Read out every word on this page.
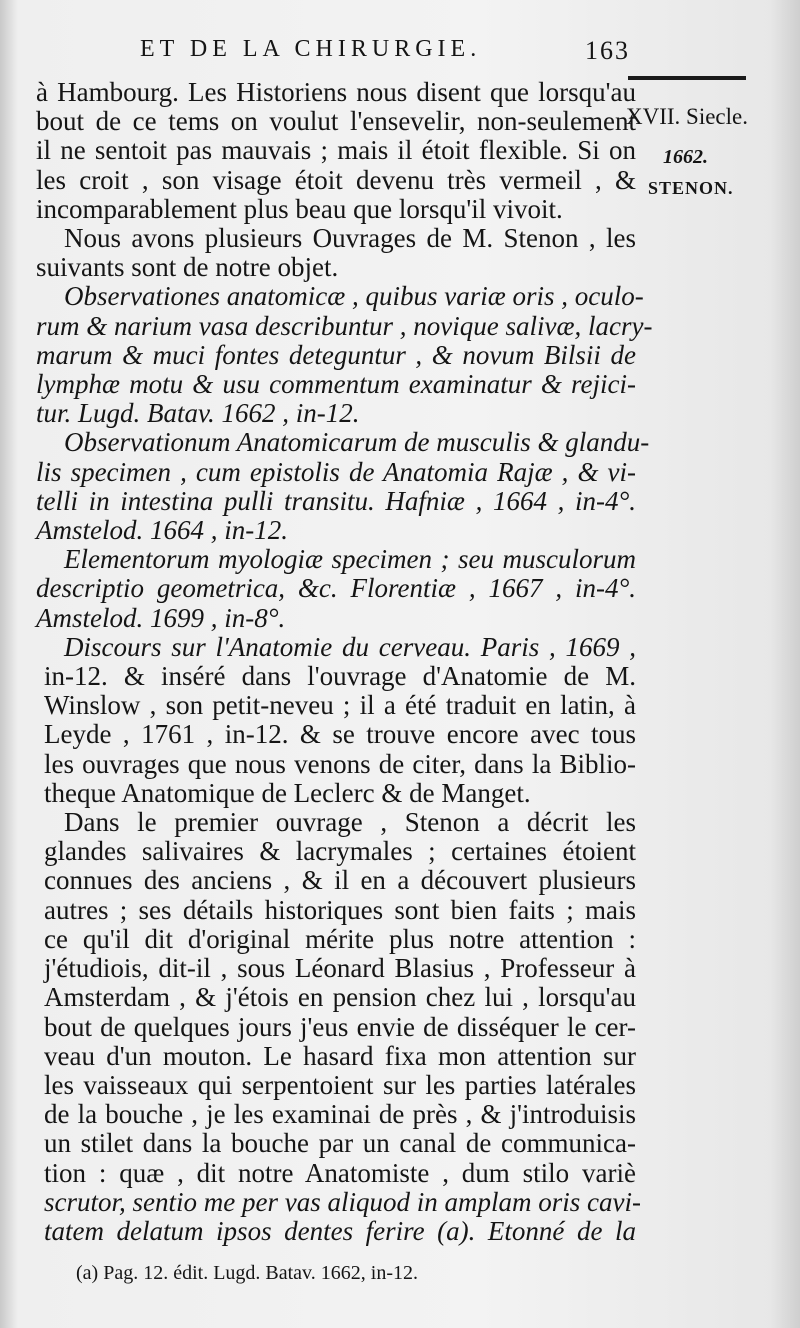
ET DE LA CHIRURGIE.	163
XVII. Siecle.
1662.
STENON.
à Hambourg. Les Historiens nous disent que lorsqu'au
bout de ce tems on voulut l'ensevelir, non-seulement
il ne sentoit pas mauvais ; mais il étoit flexible. Si on
les croit , son visage étoit devenu très vermeil , &
incomparablement plus beau que lorsqu'il vivoit.
Nous avons plusieurs Ouvrages de M. Stenon , les
suivants sont de notre objet.
Observationes anatomicæ , quibus variæ oris , oculo-
rum & narium vasa describuntur , novique salivæ, lacry-
marum & muci fontes deteguntur , & novum Bilsii de
lymphæ motu & usu commentum examinatur & rejici-
tur. Lugd. Batav. 1662 , in-12.
Observationum Anatomicarum de musculis & glandu-
lis specimen , cum epistolis de Anatomia Rajæ , & vi-
telli in intestina pulli transitu. Hafniæ , 1664 , in-4°.
Amstelod. 1664 , in-12.
Elementorum myologiæ specimen ; seu musculorum
descriptio geometrica, &c. Florentiæ , 1667 , in-4°.
Amstelod. 1699 , in-8°.
Discours sur l'Anatomie du cerveau. Paris , 1669 ,
in-12. & inséré dans l'ouvrage d'Anatomie de M.
Winslow , son petit-neveu ; il a été traduit en latin, à
Leyde , 1761 , in-12. & se trouve encore avec tous
les ouvrages que nous venons de citer, dans la Biblio-
theque Anatomique de Leclerc & de Manget.
Dans le premier ouvrage , Stenon a décrit les
glandes salivaires & lacrymales ; certaines étoient
connues des anciens , & il en a découvert plusieurs
autres ; ses détails historiques sont bien faits ; mais
ce qu'il dit d'original mérite plus notre attention :
j'étudiois, dit-il , sous Léonard Blasius , Professeur à
Amsterdam , & j'étois en pension chez lui , lorsqu'au
bout de quelques jours j'eus envie de disséquer le cer-
veau d'un mouton. Le hasard fixa mon attention sur
les vaisseaux qui serpentoient sur les parties latérales
de la bouche , je les examinai de près , & j'introduisis
un stilet dans la bouche par un canal de communica-
tion : quæ , dit notre Anatomiste , dum stilo variè
scrutor, sentio me per vas aliquod in amplam oris cavi-
tatem delatum ipsos dentes ferire (a). Etonné de la
(a) Pag. 12. édit. Lugd. Batav. 1662, in-12.
